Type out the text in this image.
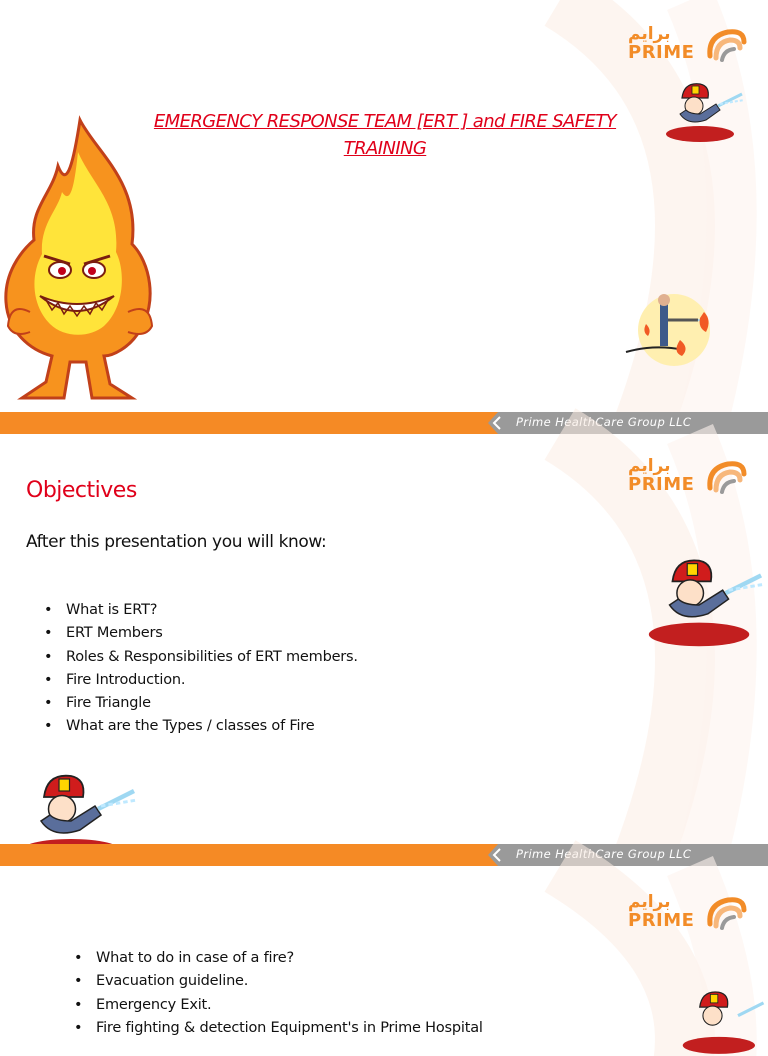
برايم
PRIME
EMERGENCY RESPONSE TEAM [ERT ] and FIRE SAFETY
TRAINING
Prime HealthCare Group LLC
برايم
PRIME
Objectives
After this presentation you will know:
• What is ERT?
• ERT Members
• Roles & Responsibilities of ERT members.
• Fire Introduction.
• Fire Triangle
• What are the Types / classes of Fire
Prime HealthCare Group LLC
برايم
PRIME
• What to do in case of a fire?
• Evacuation guideline.
• Emergency Exit.
• Fire fighting & detection Equipment's in Prime Hospital
